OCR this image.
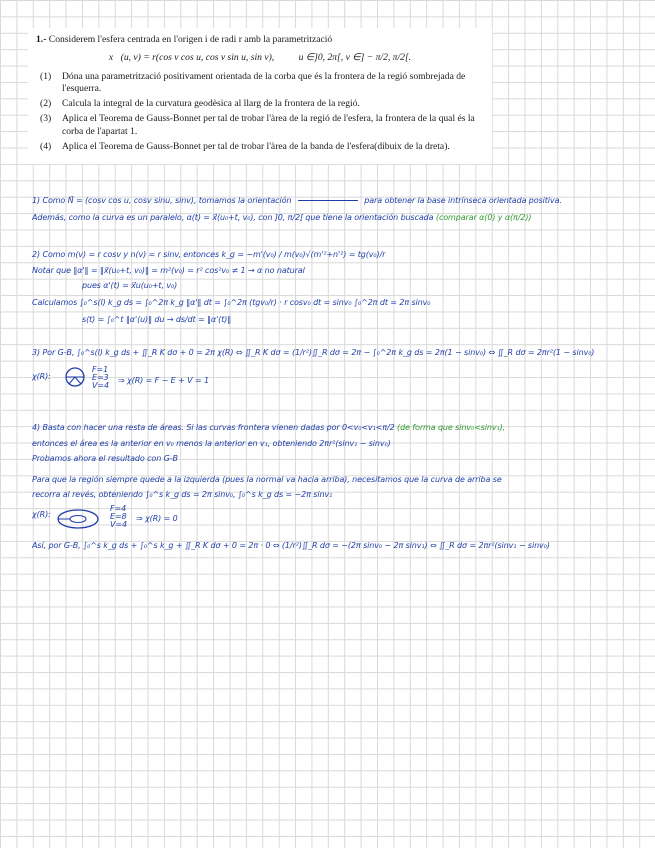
1.- Considerem l'esfera centrada en l'origen i de radi r amb la parametrització
x⃗(u, v) = r(cos v cos u, cos v sin u, sin v),	u ∈]0, 2π[, v ∈] − π/2, π/2[.
(1)	Dóna una parametrització positivament orientada de la corba que és la frontera de la regió sombrejada de l'esquerra.
(2)	Calcula la integral de la curvatura geodèsica al llarg de la frontera de la regió.
(3)	Aplica el Teorema de Gauss-Bonnet per tal de trobar l'àrea de la regió de l'esfera, la frontera de la qual és la corba de l'apartat 1.
(4)	Aplica el Teorema de Gauss-Bonnet per tal de trobar l'àrea de la banda de l'esfera(dibuix de la dreta).
1) Como N⃗ = (cosv cos u, cosv sinu, sinv), tomamos la orientación	para obtener la base intrínseca orientada positiva.
Además, como la curva es un paralelo, α(t) = x⃗(u₀+t, v₀), con ]0, π/2[ que tiene la orientación buscada (comparar α(0) y α(π/2))
2) Como m(v) = r cosv y n(v) = r sinv, entonces k_g = −m'(v₀) / m(v₀)√(m'²+n'²) = tg(v₀)/r
Notar que ‖α'‖ = ‖x⃗(u₀+t, v₀)‖ = m²(v₀) = r² cos²v₀ ≠ 1 → α no natural
pues α'(t) = x⃗u(u₀+t, v₀)
Calculamos ∫₀^s(l) k_g ds = ∫₀^2π k_g ‖α'‖ dt = ∫₀^2π (tgv₀/r) · r cosv₀ dt = sinv₀ ∫₀^2π dt = 2π sinv₀
s(t) = ∫₀^t ‖α'(u)‖ du → ds/dt = ‖α'(t)‖
3) Por G-B, ∫₀^s(l) k_g ds + ∬_R K dσ + 0 = 2π χ(R) ⇔ ∬_R K dσ = (1/r²)∬_R dσ = 2π − ∫₀^2π k_g ds = 2π(1 − sinv₀) ⇔ ∬_R dσ = 2πr²(1 − sinv₀)
χ(R):
F=1
E=3
V=4
⇒ χ(R) = F − E + V = 1
4) Basta con hacer una resta de áreas. Si las curvas frontera vienen dadas por 0<v₀<v₁<π/2 (de forma que sinv₀<sinv₁),
entonces el área es la anterior en v₀ menos la anterior en v₁, obteniendo 2πr²(sinv₁ − sinv₀)
Probamos ahora el resultado con G-B
Para que la región siempre quede a la izquierda (pues la normal va hacia arriba), necesitamos que la curva de arriba se
recorra al revés, obteniendo ∫₀^s k_g ds = 2π sinv₀, ∫₀^s k_g ds = −2π sinv₁
χ(R):
F=4
E=8
V=4
⇒ χ(R) = 0
Así, por G-B, ∫₀^s k_g ds + ∫₀^s k_g + ∬_R K dσ + 0 = 2π · 0 ⇔ (1/r²)∬_R dσ = −(2π sinv₀ − 2π sinv₁) ⇔ ∬_R dσ = 2πr²(sinv₁ − sinv₀)
